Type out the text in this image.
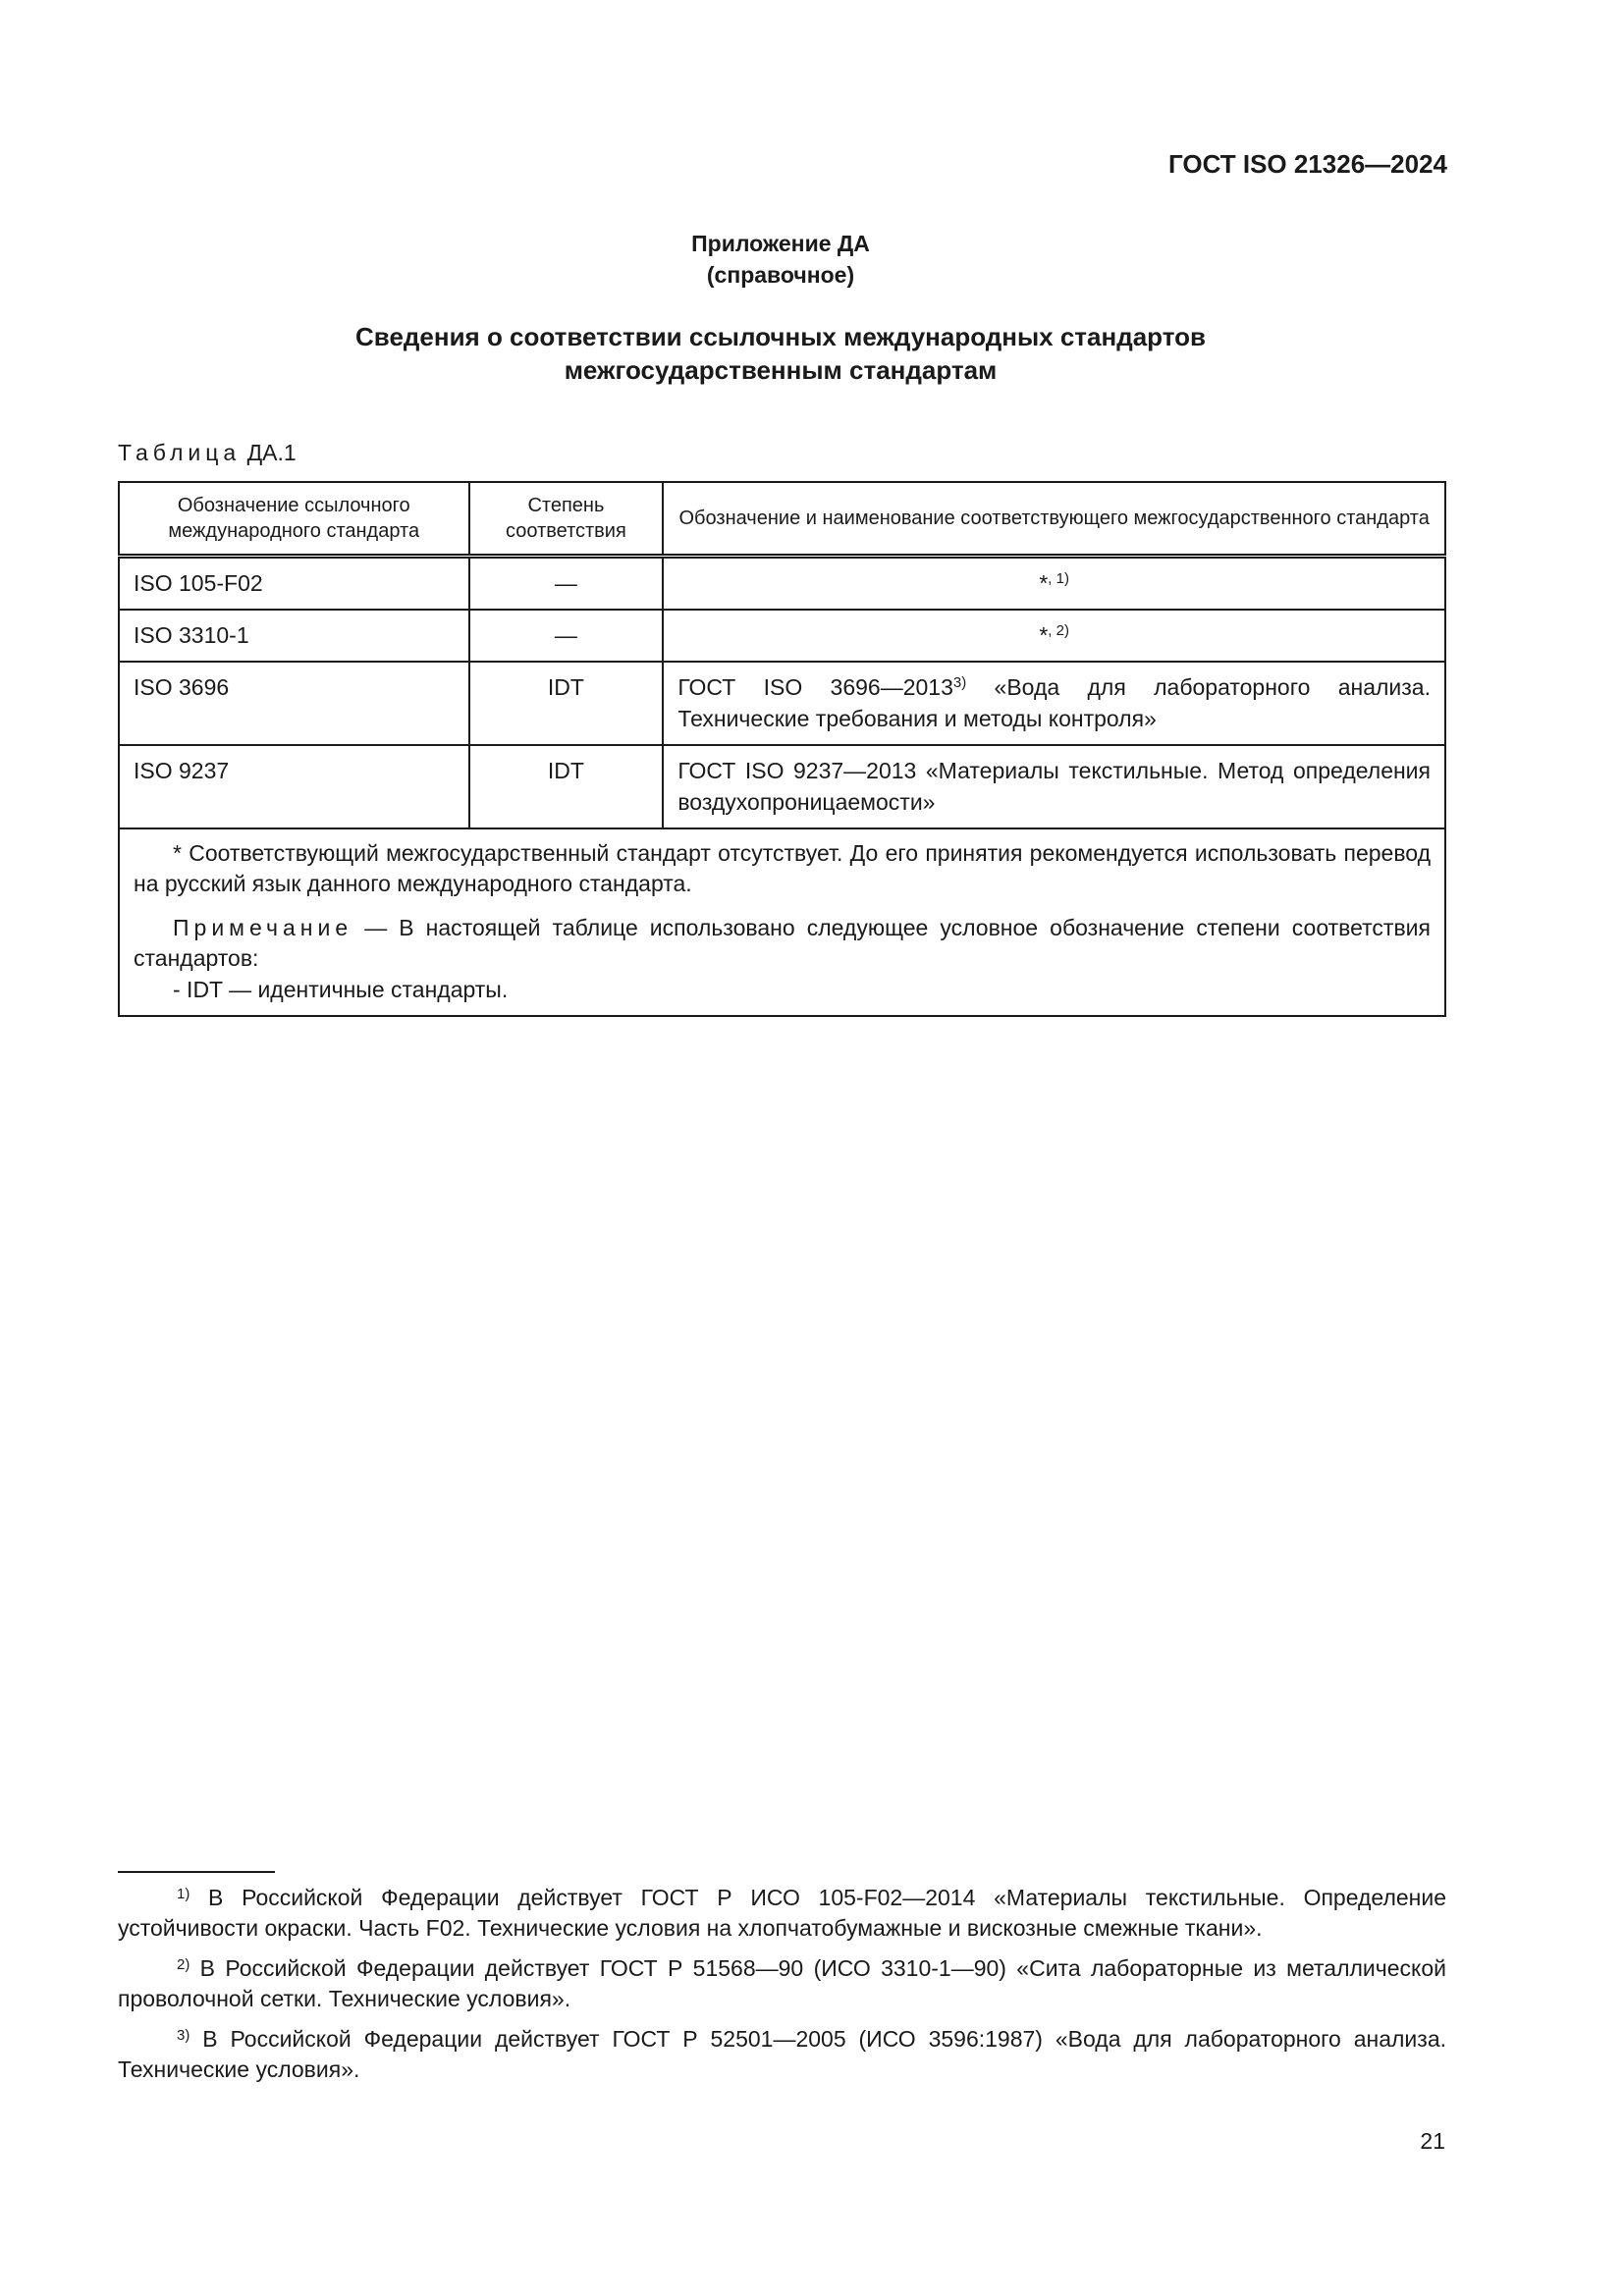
ГОСТ ISO 21326—2024
Приложение ДА
(справочное)
Сведения о соответствии ссылочных международных стандартов
межгосударственным стандартам
Таблица ДА.1
Обозначение ссылочного международного стандарта	Степень соответствия	Обозначение и наименование соответствующего межгосударственного стандарта
ISO 105-F02	—	*$^{, 1)}$
ISO 3310-1	—	*$^{, 2)}$
ISO 3696	IDT	ГОСТ ISO 3696—2013$^{3)}$ «Вода для лабораторного анализа. Технические требования и методы контроля»
ISO 9237	IDT	ГОСТ ISO 9237—2013 «Материалы текстильные. Метод определения воздухопроницаемости»

* Соответствующий межгосударственный стандарт отсутствует. До его принятия рекомендуется использовать перевод на русский язык данного международного стандарта.

Примечание — В настоящей таблице использовано следующее условное обозначение степени соответствия стандартов:

- IDT — идентичные стандарты.		

$^{1)}$ В Российской Федерации действует ГОСТ Р ИСО 105-F02—2014 «Материалы текстильные. Определение устойчивости окраски. Часть F02. Технические условия на хлопчатобумажные и вискозные смежные ткани».

$^{2)}$ В Российской Федерации действует ГОСТ Р 51568—90 (ИСО 3310-1—90) «Сита лабораторные из металлической проволочной сетки. Технические условия».

$^{3)}$ В Российской Федерации действует ГОСТ Р 52501—2005 (ИСО 3596:1987) «Вода для лабораторного анализа. Технические условия».

21
